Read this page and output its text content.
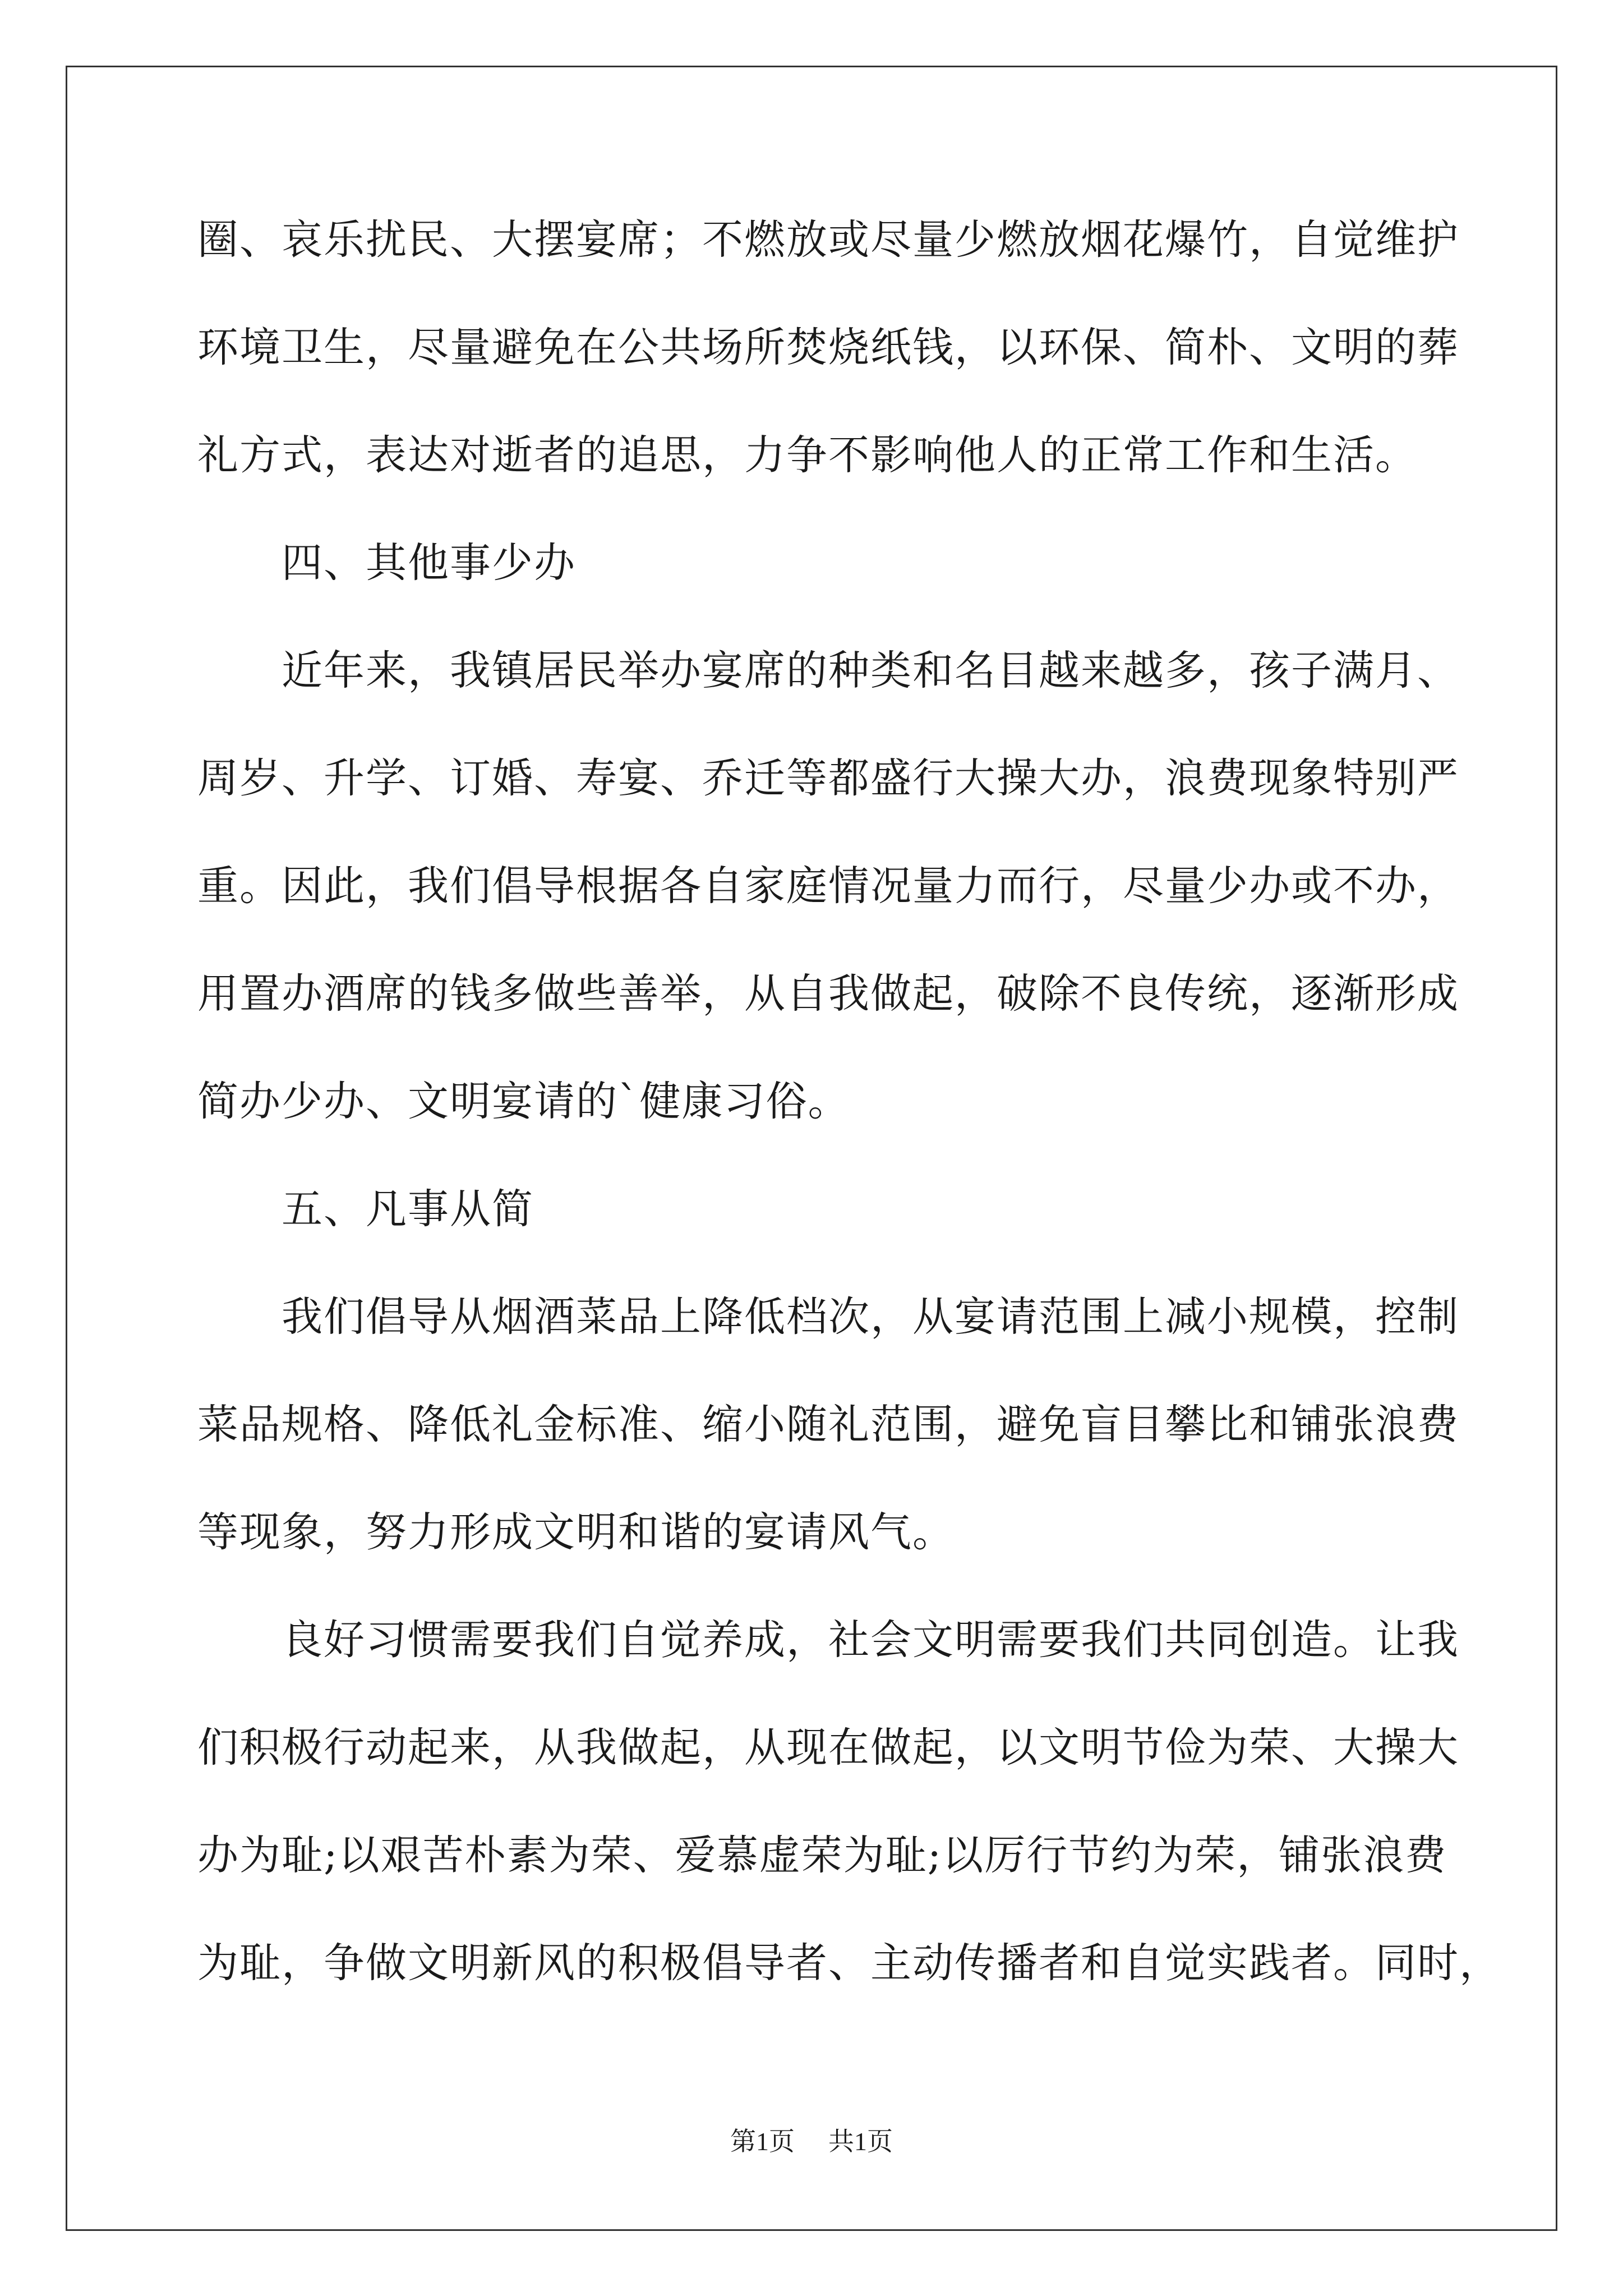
圈、哀乐扰民、大摆宴席；不燃放或尽量少燃放烟花爆竹，自觉维护
环境卫生，尽量避免在公共场所焚烧纸钱，以环保、简朴、文明的葬
礼方式，表达对逝者的追思，力争不影响他人的正常工作和生活。
四、其他事少办
近年来，我镇居民举办宴席的种类和名目越来越多，孩子满月、
周岁、升学、订婚、寿宴、乔迁等都盛行大操大办，浪费现象特别严
重。因此，我们倡导根据各自家庭情况量力而行，尽量少办或不办，
用置办酒席的钱多做些善举，从自我做起，破除不良传统，逐渐形成
简办少办、文明宴请的`健康习俗。
五、凡事从简
我们倡导从烟酒菜品上降低档次，从宴请范围上减小规模，控制
菜品规格、降低礼金标准、缩小随礼范围，避免盲目攀比和铺张浪费
等现象，努力形成文明和谐的宴请风气。
良好习惯需要我们自觉养成，社会文明需要我们共同创造。让我
们积极行动起来，从我做起，从现在做起，以文明节俭为荣、大操大
办为耻;以艰苦朴素为荣、爱慕虚荣为耻;以厉行节约为荣，铺张浪费
为耻，争做文明新风的积极倡导者、主动传播者和自觉实践者。同时，
第1页 共1页
